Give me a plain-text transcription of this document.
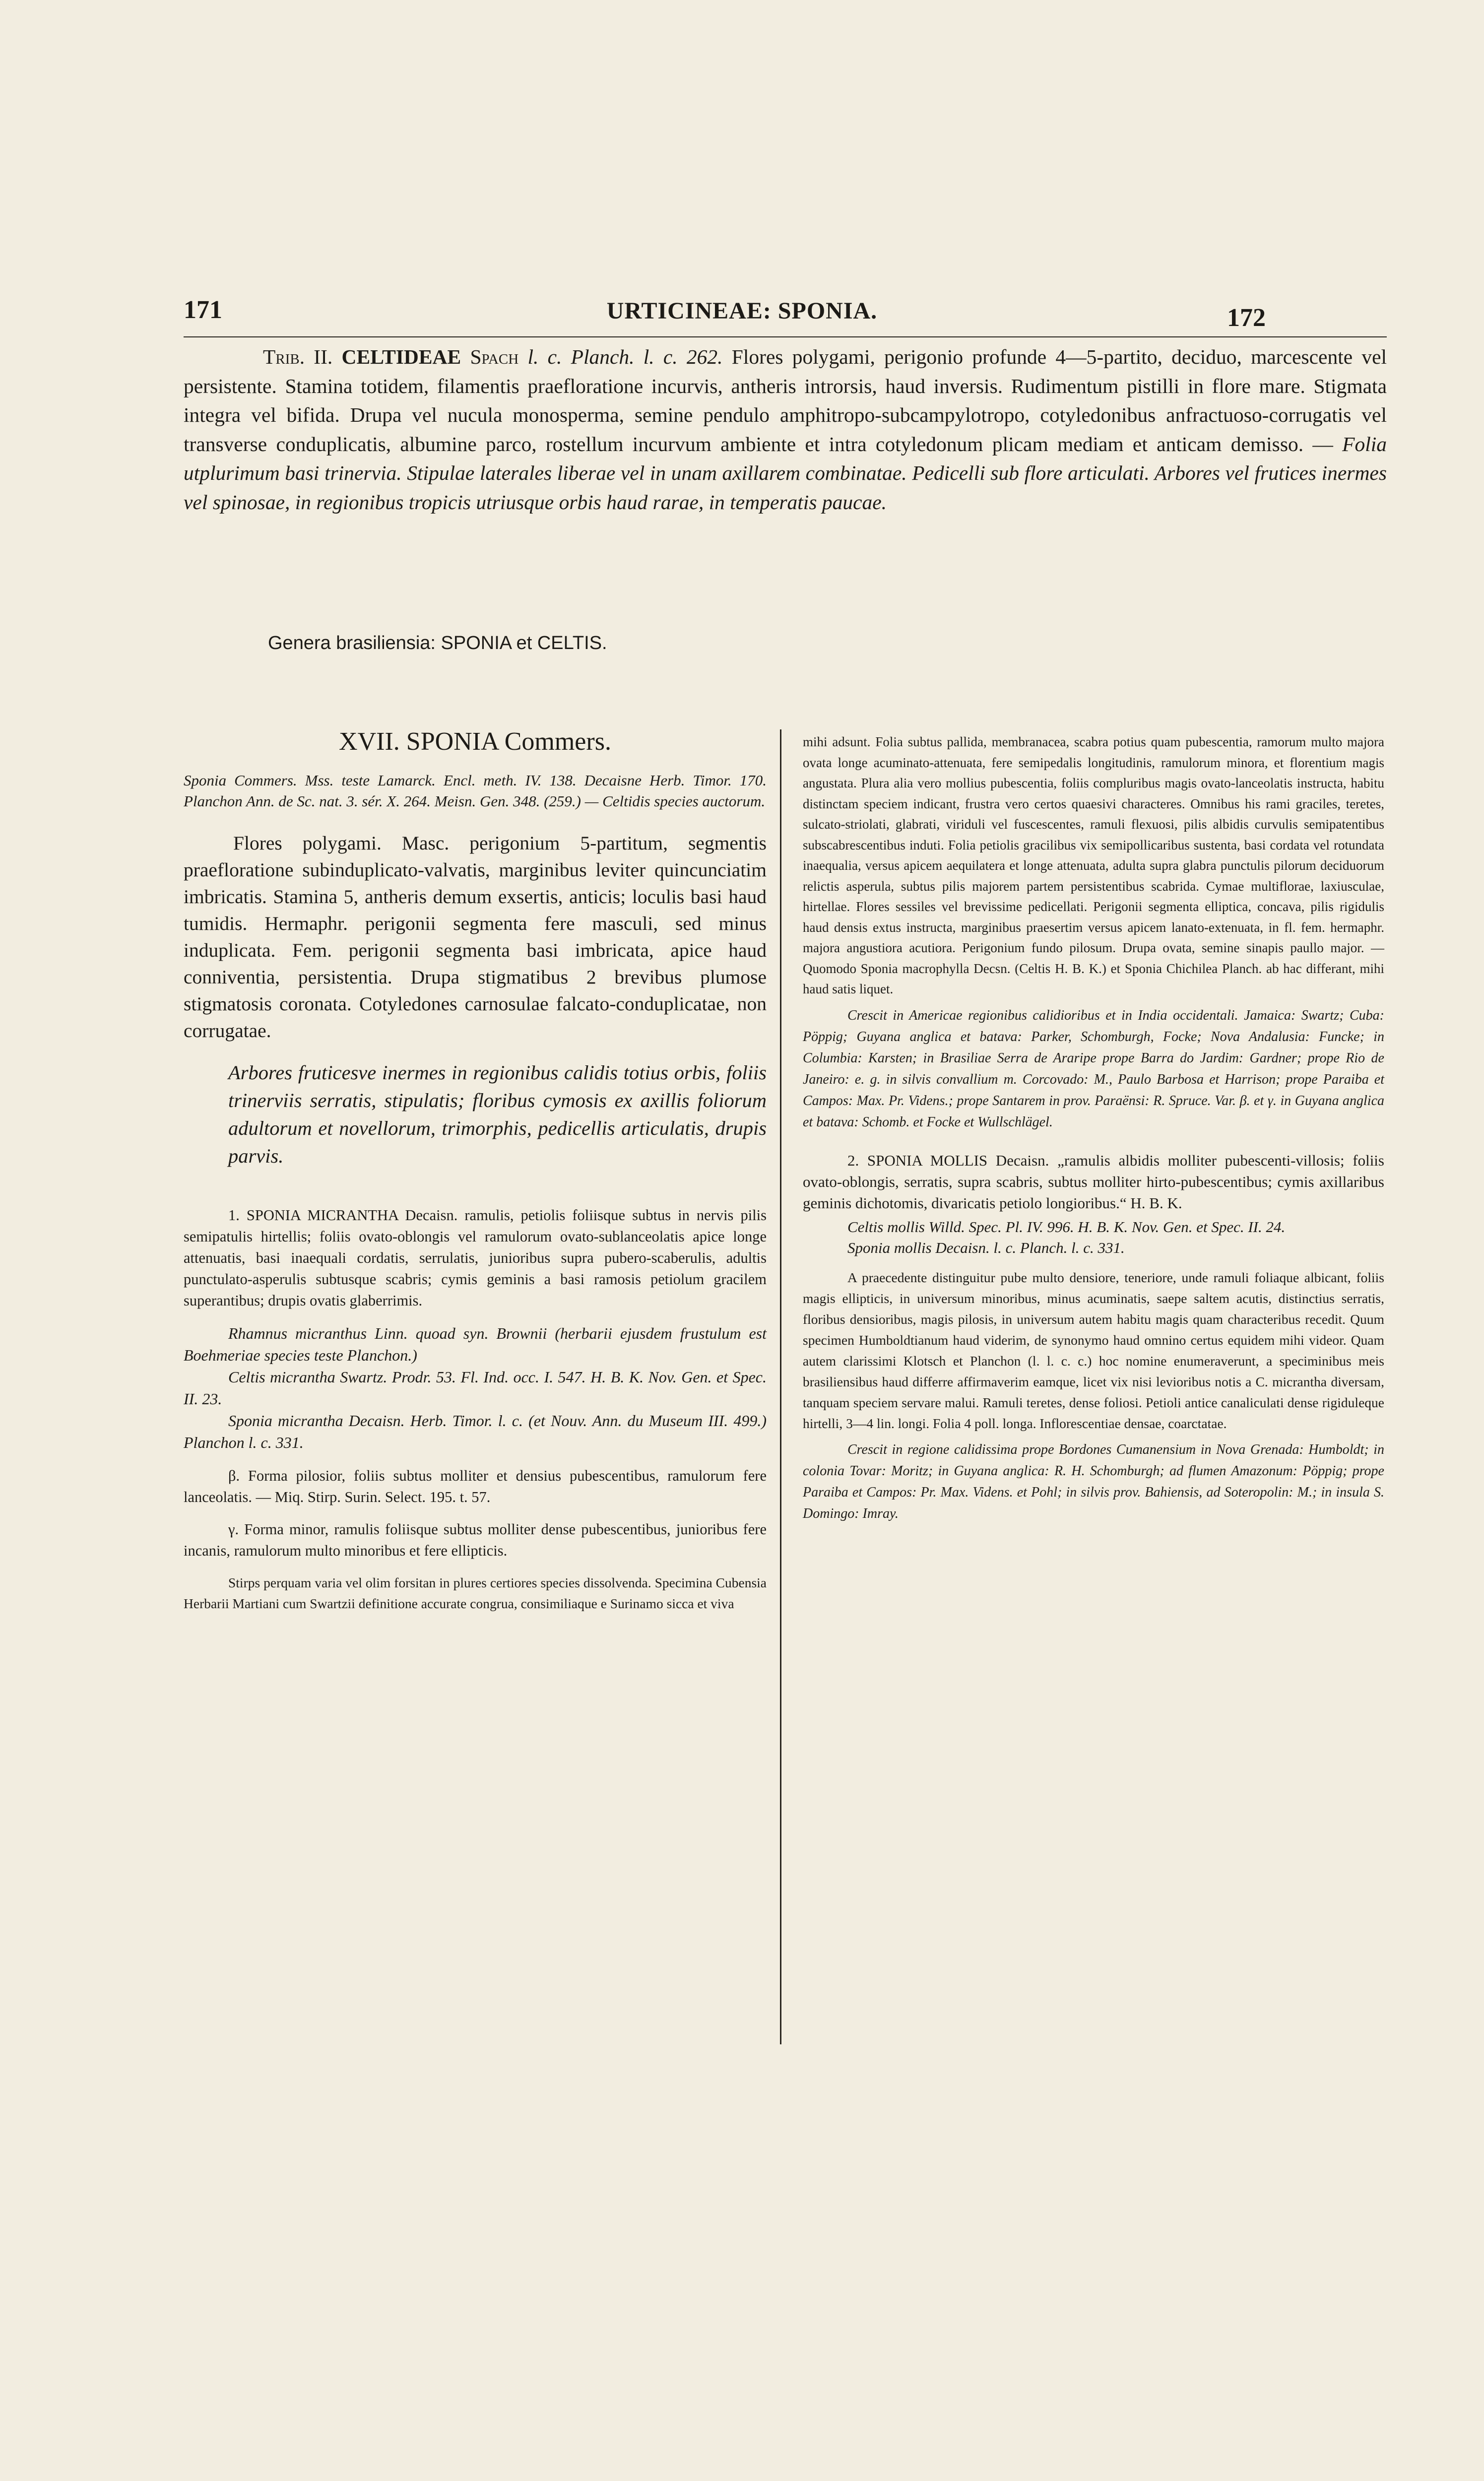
171	URTICINEAE: SPONIA.	172

Trib. II. CELTIDEAE Spach l. c. Planch. l. c. 262. Flores polygami, perigonio profunde 4—5-partito, deciduo, marcescente vel persistente. Stamina totidem, filamentis praefloratione incurvis, antheris introrsis, haud inversis. Rudimentum pistilli in flore mare. Stigmata integra vel bifida. Drupa vel nucula monosperma, semine pendulo amphitropo-subcampylotropo, cotyledonibus anfractuoso-corrugatis vel transverse conduplicatis, albumine parco, rostellum incurvum ambiente et intra cotyledonum plicam mediam et anticam demisso. — Folia utplurimum basi trinervia. Stipulae laterales liberae vel in unam axillarem combinatae. Pedicelli sub flore articulati. Arbores vel frutices inermes vel spinosae, in regionibus tropicis utriusque orbis haud rarae, in temperatis paucae.

Genera brasiliensia: SPONIA et CELTIS.

XVII. SPONIA Commers.

Sponia Commers. Mss. teste Lamarck. Encl. meth. IV. 138. Decaisne Herb. Timor. 170. Planchon Ann. de Sc. nat. 3. sér. X. 264. Meisn. Gen. 348. (259.) — Celtidis species auctorum.

Flores polygami. Masc. perigonium 5-partitum, segmentis praefloratione subinduplicato-valvatis, marginibus leviter quincunciatim imbricatis. Stamina 5, antheris demum exsertis, anticis; loculis basi haud tumidis. Hermaphr. perigonii segmenta fere masculi, sed minus induplicata. Fem. perigonii segmenta basi imbricata, apice haud conniventia, persistentia. Drupa stigmatibus 2 brevibus plumose stigmatosis coronata. Cotyledones carnosulae falcato-conduplicatae, non corrugatae.

Arbores fruticesve inermes in regionibus calidis totius orbis, foliis trinerviis serratis, stipulatis; floribus cymosis ex axillis foliorum adultorum et novellorum, trimorphis, pedicellis articulatis, drupis parvis.

1. SPONIA MICRANTHA Decaisn. ramulis, petiolis foliisque subtus in nervis pilis semipatulis hirtellis; foliis ovato-oblongis vel ramulorum ovato-sublanceolatis apice longe attenuatis, basi inaequali cordatis, serrulatis, junioribus supra pubero-scaberulis, adultis punctulato-asperulis subtusque scabris; cymis geminis a basi ramosis petiolum gracilem superantibus; drupis ovatis glaberrimis.

Rhamnus micranthus Linn. quoad syn. Brownii (herbarii ejusdem frustulum est Boehmeriae species teste Planchon.)

Celtis micrantha Swartz. Prodr. 53. Fl. Ind. occ. I. 547. H. B. K. Nov. Gen. et Spec. II. 23.

Sponia micrantha Decaisn. Herb. Timor. l. c. (et Nouv. Ann. du Museum III. 499.) Planchon l. c. 331.

β. Forma pilosior, foliis subtus molliter et densius pubescentibus, ramulorum fere lanceolatis. — Miq. Stirp. Surin. Select. 195. t. 57.

γ. Forma minor, ramulis foliisque subtus molliter dense pubescentibus, junioribus fere incanis, ramulorum multo minoribus et fere ellipticis.

Stirps perquam varia vel olim forsitan in plures certiores species dissolvenda. Specimina Cubensia Herbarii Martiani cum Swartzii definitione accurate congrua, consimiliaque e Surinamo sicca et viva

mihi adsunt. Folia subtus pallida, membranacea, scabra potius quam pubescentia, ramorum multo majora ovata longe acuminato-attenuata, fere semipedalis longitudinis, ramulorum minora, et florentium magis angustata. Plura alia vero mollius pubescentia, foliis compluribus magis ovato-lanceolatis instructa, habitu distinctam speciem indicant, frustra vero certos quaesivi characteres. Omnibus his rami graciles, teretes, sulcato-striolati, glabrati, viriduli vel fuscescentes, ramuli flexuosi, pilis albidis curvulis semipatentibus subscabrescentibus induti. Folia petiolis gracilibus vix semipollicaribus sustenta, basi cordata vel rotundata inaequalia, versus apicem aequilatera et longe attenuata, adulta supra glabra punctulis pilorum deciduorum relictis asperula, subtus pilis majorem partem persistentibus scabrida. Cymae multiflorae, laxiusculae, hirtellae. Flores sessiles vel brevissime pedicellati. Perigonii segmenta elliptica, concava, pilis rigidulis haud densis extus instructa, marginibus praesertim versus apicem lanato-extenuata, in fl. fem. hermaphr. majora angustiora acutiora. Perigonium fundo pilosum. Drupa ovata, semine sinapis paullo major. — Quomodo Sponia macrophylla Decsn. (Celtis H. B. K.) et Sponia Chichilea Planch. ab hac differant, mihi haud satis liquet.

Crescit in Americae regionibus calidioribus et in India occidentali. Jamaica: Swartz; Cuba: Pöppig; Guyana anglica et batava: Parker, Schomburgh, Focke; Nova Andalusia: Funcke; in Columbia: Karsten; in Brasiliae Serra de Araripe prope Barra do Jardim: Gardner; prope Rio de Janeiro: e. g. in silvis convallium m. Corcovado: M., Paulo Barbosa et Harrison; prope Paraiba et Campos: Max. Pr. Videns.; prope Santarem in prov. Paraënsi: R. Spruce. Var. β. et γ. in Guyana anglica et batava: Schomb. et Focke et Wullschlägel.

2. SPONIA MOLLIS Decaisn. „ramulis albidis molliter pubescenti-villosis; foliis ovato-oblongis, serratis, supra scabris, subtus molliter hirto-pubescentibus; cymis axillaribus geminis dichotomis, divaricatis petiolo longioribus.“ H. B. K.

Celtis mollis Willd. Spec. Pl. IV. 996. H. B. K. Nov. Gen. et Spec. II. 24.

Sponia mollis Decaisn. l. c. Planch. l. c. 331.

A praecedente distinguitur pube multo densiore, teneriore, unde ramuli foliaque albicant, foliis magis ellipticis, in universum minoribus, minus acuminatis, saepe saltem acutis, distinctius serratis, floribus densioribus, magis pilosis, in universum autem habitu magis quam characteribus recedit. Quum specimen Humboldtianum haud viderim, de synonymo haud omnino certus equidem mihi videor. Quam autem clarissimi Klotsch et Planchon (l. l. c. c.) hoc nomine enumeraverunt, a speciminibus meis brasiliensibus haud differre affirmaverim eamque, licet vix nisi levioribus notis a C. micrantha diversam, tanquam speciem servare malui. Ramuli teretes, dense foliosi. Petioli antice canaliculati dense rigiduleque hirtelli, 3—4 lin. longi. Folia 4 poll. longa. Inflorescentiae densae, coarctatae.

Crescit in regione calidissima prope Bordones Cumanensium in Nova Grenada: Humboldt; in colonia Tovar: Moritz; in Guyana anglica: R. H. Schomburgh; ad flumen Amazonum: Pöppig; prope Paraiba et Campos: Pr. Max. Videns. et Pohl; in silvis prov. Bahiensis, ad Soteropolin: M.; in insula S. Domingo: Imray.
